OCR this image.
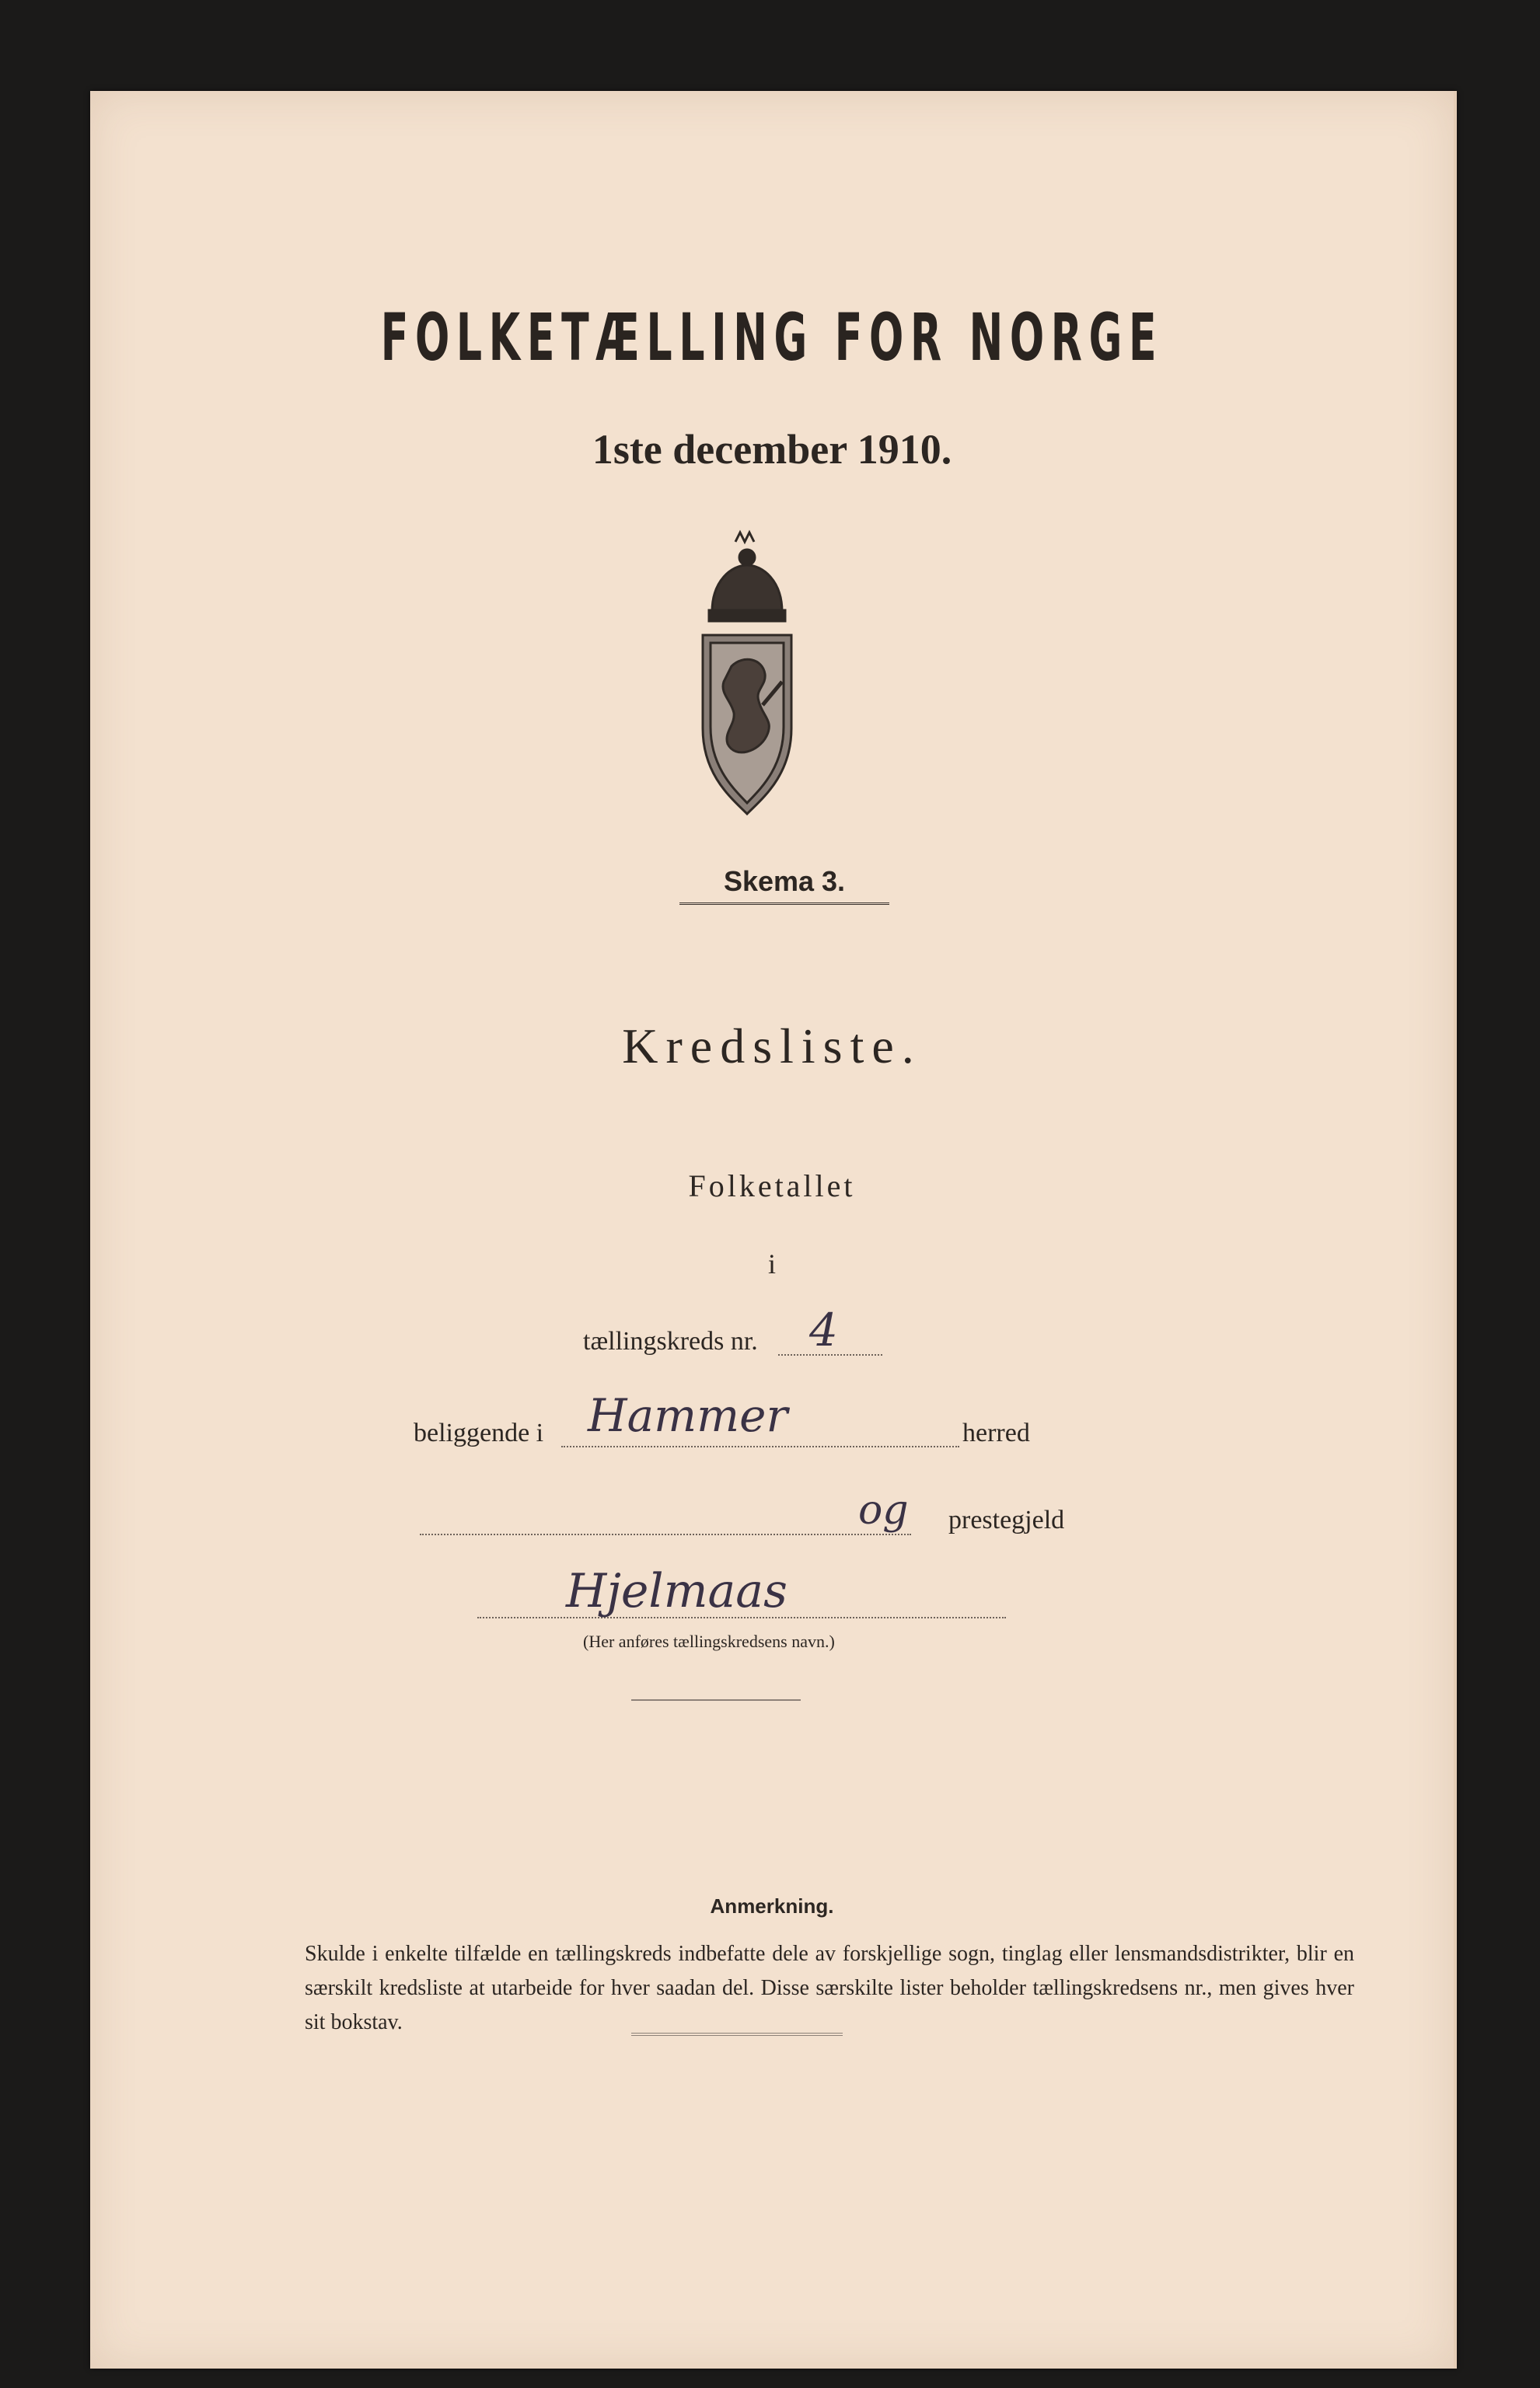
FOLKETÆLLING FOR NORGE
1ste december 1910.
Skema 3.
Kredsliste.
Folketallet
i
tællingskreds nr. 4
beliggende i Hammer	herred
og prestegjeld
Hjelmaas
(Her anføres tællingskredsens navn.)
Anmerkning.
Skulde i enkelte tilfælde en tællingskreds indbefatte dele av forskjellige sogn, tinglag eller lensmandsdistrikter, blir en særskilt kredsliste at utarbeide for hver saadan del. Disse særskilte lister beholder tællingskredsens nr., men gives hver sit bokstav.
